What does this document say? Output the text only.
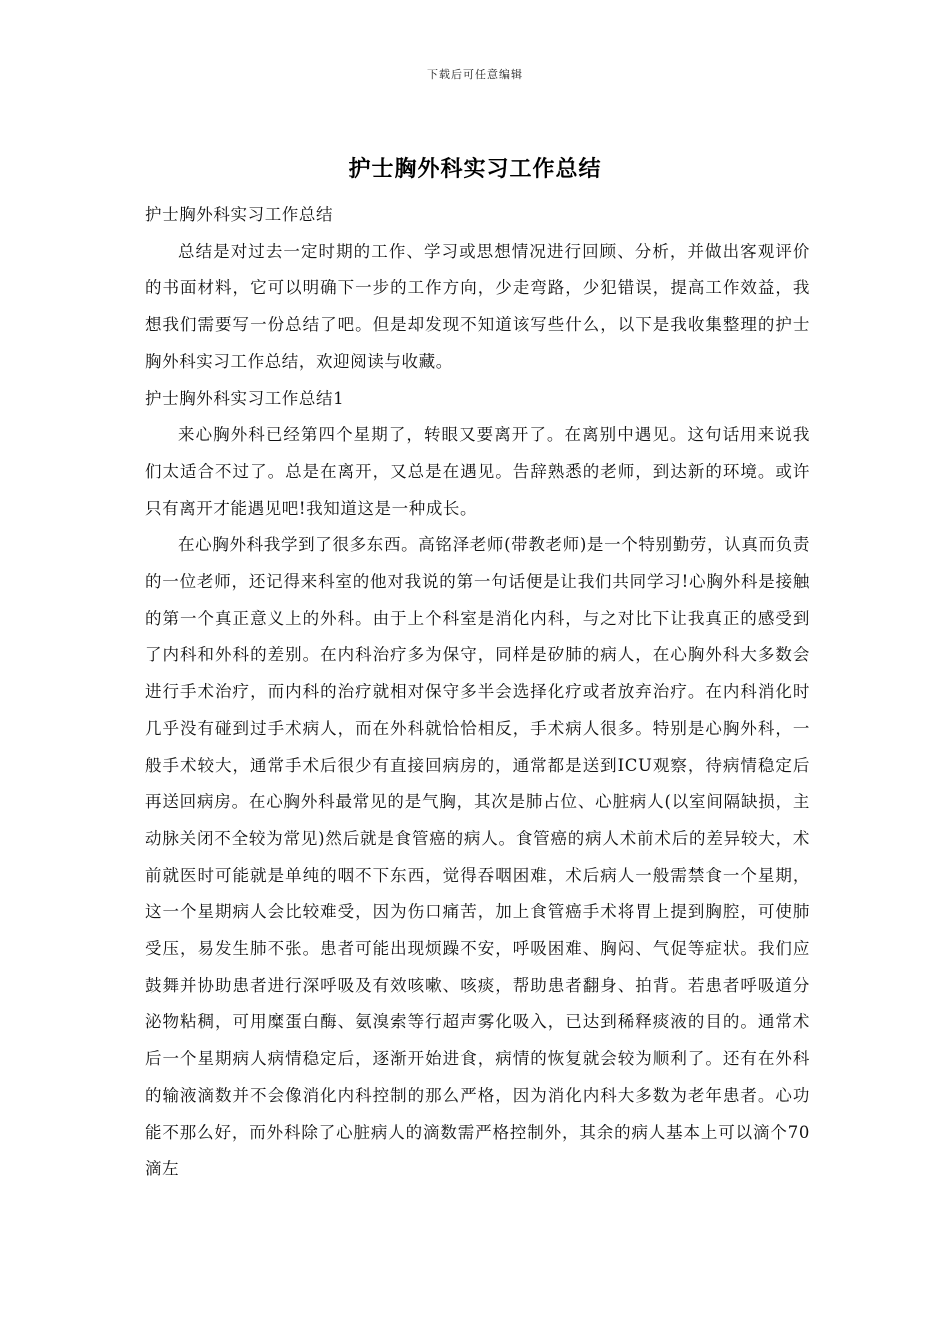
下载后可任意编辑
护士胸外科实习工作总结

护士胸外科实习工作总结

总结是对过去一定时期的工作、学习或思想情况进行回顾、分析，并做出客观评价的书面材料，它可以明确下一步的工作方向，少走弯路，少犯错误，提高工作效益，我想我们需要写一份总结了吧。但是却发现不知道该写些什么，以下是我收集整理的护士胸外科实习工作总结，欢迎阅读与收藏。

护士胸外科实习工作总结1

来心胸外科已经第四个星期了，转眼又要离开了。在离别中遇见。这句话用来说我们太适合不过了。总是在离开，又总是在遇见。告辞熟悉的老师，到达新的环境。或许只有离开才能遇见吧!我知道这是一种成长。

在心胸外科我学到了很多东西。高铭泽老师(带教老师)是一个特别勤劳，认真而负责的一位老师，还记得来科室的他对我说的第一句话便是让我们共同学习!心胸外科是接触的第一个真正意义上的外科。由于上个科室是消化内科，与之对比下让我真正的感受到了内科和外科的差别。在内科治疗多为保守，同样是矽肺的病人，在心胸外科大多数会进行手术治疗，而内科的治疗就相对保守多半会选择化疗或者放弃治疗。在内科消化时几乎没有碰到过手术病人，而在外科就恰恰相反，手术病人很多。特别是心胸外科，一般手术较大，通常手术后很少有直接回病房的，通常都是送到ICU观察，待病情稳定后再送回病房。在心胸外科最常见的是气胸，其次是肺占位、心脏病人(以室间隔缺损，主动脉关闭不全较为常见)然后就是食管癌的病人。食管癌的病人术前术后的差异较大，术前就医时可能就是单纯的咽不下东西，觉得吞咽困难，术后病人一般需禁食一个星期，这一个星期病人会比较难受，因为伤口痛苦，加上食管癌手术将胃上提到胸腔，可使肺受压，易发生肺不张。患者可能出现烦躁不安，呼吸困难、胸闷、气促等症状。我们应鼓舞并协助患者进行深呼吸及有效咳嗽、咳痰，帮助患者翻身、拍背。若患者呼吸道分泌物粘稠，可用糜蛋白酶、氨溴索等行超声雾化吸入，已达到稀释痰液的目的。通常术后一个星期病人病情稳定后，逐渐开始进食，病情的恢复就会较为顺利了。还有在外科的输液滴数并不会像消化内科控制的那么严格，因为消化内科大多数为老年患者。心功能不那么好，而外科除了心脏病人的滴数需严格控制外，其余的病人基本上可以滴个70滴左
